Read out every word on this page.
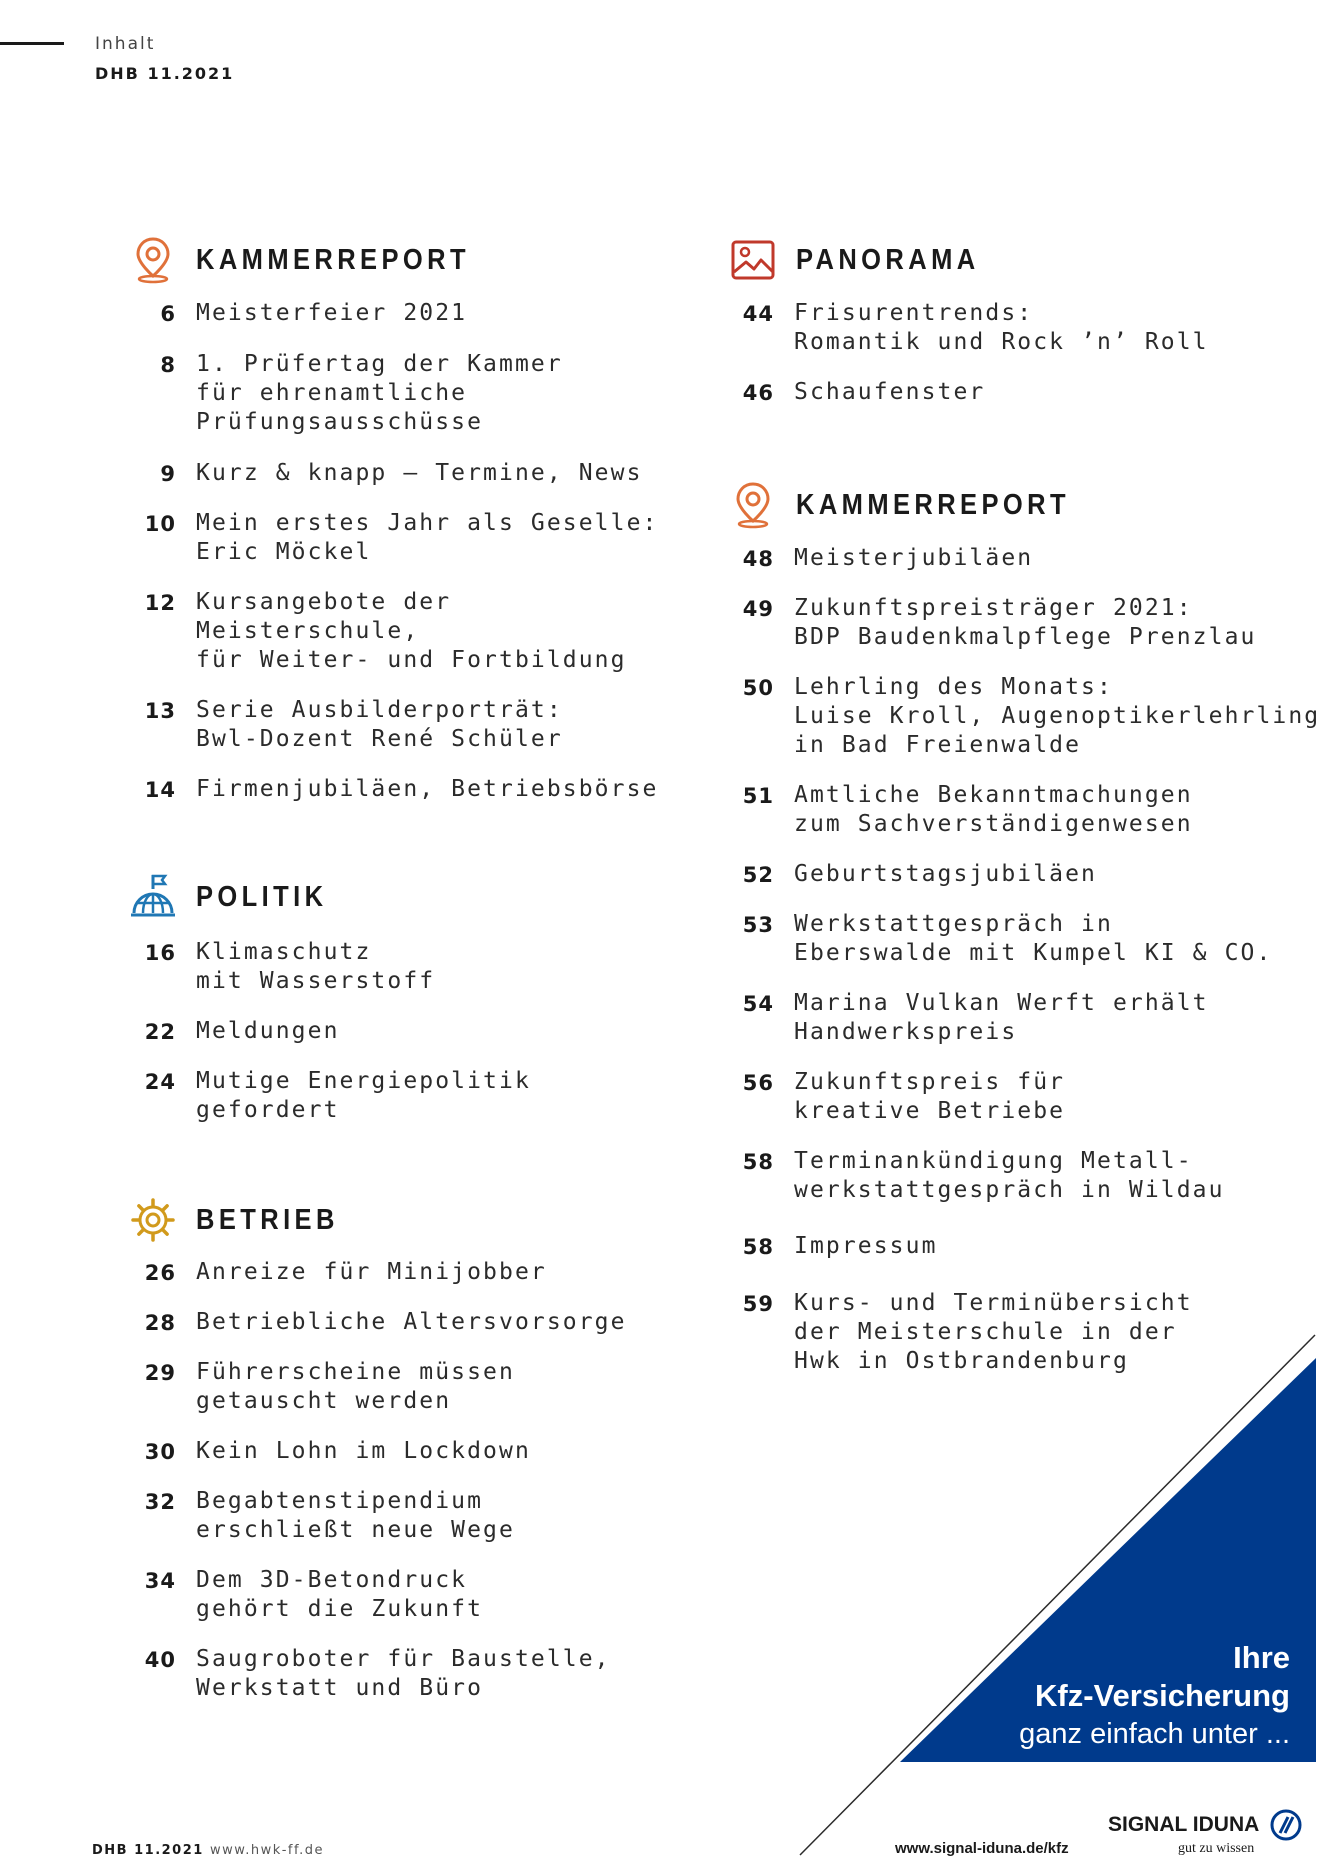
Inhalt
DHB 11.2021
KAMMERREPORT
6 Meisterfeier 2021
8 1. Prüfertag der Kammer
für ehrenamtliche
Prüfungsausschüsse
9 Kurz & knapp – Termine, News
10 Mein erstes Jahr als Geselle:
Eric Möckel
12 Kursangebote der
Meisterschule,
für Weiter- und Fortbildung
13 Serie Ausbilderporträt:
Bwl-Dozent René Schüler
14 Firmenjubiläen, Betriebsbörse
POLITIK
16 Klimaschutz
mit Wasserstoff
22 Meldungen
24 Mutige Energiepolitik
gefordert
BETRIEB
26 Anreize für Minijobber
28 Betriebliche Altersvorsorge
29 Führerscheine müssen
getauscht werden
30 Kein Lohn im Lockdown
32 Begabtenstipendium
erschließt neue Wege
34 Dem 3D-Betondruck
gehört die Zukunft
40 Saugroboter für Baustelle,
Werkstatt und Büro
PANORAMA
44 Frisurentrends:
Romantik und Rock ’n’ Roll
46 Schaufenster
KAMMERREPORT
48 Meisterjubiläen
49 Zukunftspreisträger 2021:
BDP Baudenkmalpflege Prenzlau
50 Lehrling des Monats:
Luise Kroll, Augenoptikerlehrling
in Bad Freienwalde
51 Amtliche Bekanntmachungen
zum Sachverständigenwesen
52 Geburtstagsjubiläen
53 Werkstattgespräch in
Eberswalde mit Kumpel KI & CO.
54 Marina Vulkan Werft erhält
Handwerkspreis
56 Zukunftspreis für
kreative Betriebe
58 Terminankündigung Metall-
werkstattgespräch in Wildau
58 Impressum
59 Kurs- und Terminübersicht
der Meisterschule in der
Hwk in Ostbrandenburg
Ihre
Kfz-Versicherung
ganz einfach unter ...
www.signal-iduna.de/kfz
SIGNAL IDUNA
gut zu wissen
DHB 11.2021 www.hwk-ff.de
